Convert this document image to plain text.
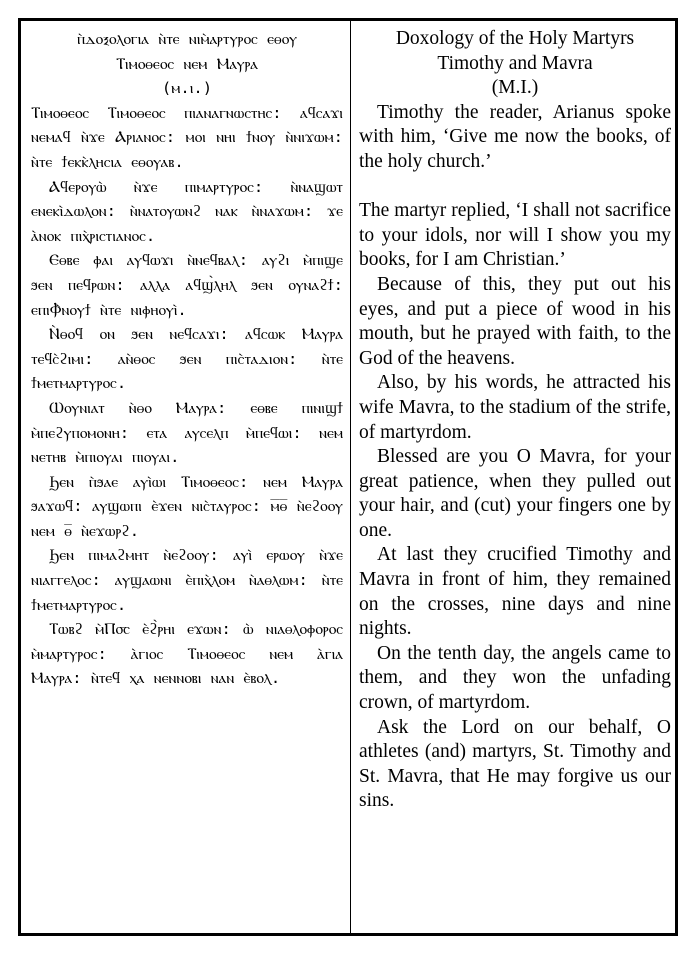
ⲡ̀ⲇⲟⲝⲟⲗⲟⲅⲓⲁ ⲛ̀ⲧⲉ ⲛⲓⲙ̀ⲁⲣⲧⲩⲣⲟⲥ ⲉⲑⲟⲩ
Ⲧⲓⲙⲟⲑⲉⲟⲥ ⲛⲉⲙ Ⲙⲁⲩⲣⲁ
(ⲙ.ⲓ.)
Ⲧⲓⲙⲟⲑⲉⲟⲥ Ⲧⲓⲙⲟⲑⲉⲟⲥ ⲡⲓⲁⲛⲁⲅⲛⲱⲥⲧⲏⲥ: ⲁϥⲥⲁϫⲓ ⲛⲉⲙⲁϥ ⲛ̀ϫⲉ Ⲁⲣⲓⲁⲛⲟⲥ: ⲙⲟⲓ ⲛⲏⲓ ϯⲛⲟⲩ ⲛ̀ⲛⲓϫⲱⲙ: ⲛ̀ⲧⲉ ϯⲉⲕⲕ̀ⲗⲏⲥⲓⲁ ⲉⲑⲟⲩⲁⲃ.
Ⲁϥⲉⲣⲟⲩⲱ̀ ⲛ̀ϫⲉ ⲡⲓⲙⲁⲣⲧⲩⲣⲟⲥ: ⲛ̀ⲛⲁϣⲱⲧ ⲉⲛⲉⲕⲓ̀ⲇⲱⲗⲟⲛ: ⲛ̀ⲛⲁⲧⲟⲩⲱⲛϩ ⲛⲁⲕ ⲛ̀ⲛⲁϫⲱⲙ: ϫⲉ ⲁ̀ⲛⲟⲕ ⲡⲓⲭ̀ⲣⲓⲥⲧⲓⲁⲛⲟⲥ.
Ⲉⲑⲃⲉ ⲫⲁⲓ ⲁⲩϥⲱϫⲓ ⲛ̀ⲛⲉϥⲃⲁⲗ: ⲁⲩϩⲓ ⲙ̀ⲡⲓϣⲉ ϧⲉⲛ ⲡⲉϥⲣⲱⲛ: ⲁⲗⲗⲁ ⲁϥϣ̀ⲗⲏⲗ ϧⲉⲛ ⲟⲩⲛⲁϩϯ: ⲉⲡⲓⲪ̀ⲛⲟⲩϯ ⲛ̀ⲧⲉ ⲛⲓⲫⲏⲟⲩⲓ̀.
Ⲛ̀ⲑⲟϥ ⲟⲛ ϧⲉⲛ ⲛⲉϥⲥⲁϫⲓ: ⲁϥⲥⲱⲕ Ⲙⲁⲩⲣⲁ ⲧⲉϥⲥ̀ϩⲓⲙⲓ: ⲁⲛ̀ⲑⲟⲥ ϧⲉⲛ ⲡⲓⲥ̀ⲧⲁⲇⲓⲟⲛ: ⲛ̀ⲧⲉ ϯⲙⲉⲧⲙⲁⲣⲧⲩⲣⲟⲥ.
Ⲱⲟⲩⲛⲓⲁⲧ ⲛ̀ⲑⲟ Ⲙⲁⲩⲣⲁ: ⲉⲑⲃⲉ ⲡⲓⲛⲓϣϯ ⲙ̀ⲡⲉϩⲩⲡⲟⲙⲟⲛⲏ: ⲉⲧⲁ ⲁⲩⲥⲉⲗⲡ ⲙ̀ⲡⲉϥⲱⲓ: ⲛⲉⲙ ⲛⲉⲧⲏⲃ ⲙ̀ⲡⲓⲟⲩⲁⲓ ⲡⲓⲟⲩⲁⲓ.
Ϧⲉⲛ ⲡ̀ϧⲁⲉ ⲁⲩⲓ̀ⲱⲓ Ⲧⲓⲙⲟⲑⲉⲟⲥ: ⲛⲉⲙ Ⲙⲁⲩⲣⲁ ϧⲁϫⲱϥ: ⲁⲩϣⲱⲡⲓ ⲉ̀ϫⲉⲛ ⲛⲓⲥ̀ⲧⲁⲩⲣⲟⲥ: ⲙ̅ⲑ̅ ⲛ̀ⲉϩⲟⲟⲩ ⲛⲉⲙ ⲑ̅ ⲛ̀ⲉϫⲱⲣϩ.
Ϧⲉⲛ ⲡⲓⲙⲁϩⲙⲏⲧ ⲛ̀ⲉϩⲟⲟⲩ: ⲁⲩⲓ̀ ⲉⲣⲱⲟⲩ ⲛ̀ϫⲉ ⲛⲓⲁⲅⲅⲉⲗⲟⲥ: ⲁⲩϣⲁⲱⲛⲓ ⲉ̀ⲡⲓⲭ̀ⲗⲟⲙ ⲛ̀ⲁⲑⲗⲱⲙ: ⲛ̀ⲧⲉ ϯⲙⲉⲧⲙⲁⲣⲧⲩⲣⲟⲥ.
Ⲧⲱⲃϩ ⲙ̀Ⲡ⳪ ⲉ̀ϩ̀ⲣⲏⲓ ⲉϫⲱⲛ: ⲱ̀ ⲛⲓⲁⲑⲗⲟⲫⲟⲣⲟⲥ ⲙ̀ⲙⲁⲣⲧⲩⲣⲟⲥ: ⲁ̀ⲅⲓⲟⲥ Ⲧⲓⲙⲟⲑⲉⲟⲥ ⲛⲉⲙ ⲁ̀ⲅⲓⲁ Ⲙⲁⲩⲣⲁ: ⲛ̀ⲧⲉϥ ⲭⲁ ⲛⲉⲛⲛⲟⲃⲓ ⲛⲁⲛ ⲉ̀ⲃⲟⲗ.
Doxology of the Holy Martyrs
Timothy and Mavra
(M.I.)
Timothy the reader, Arianus spoke with him, ‘Give me now the books, of the holy church.’
The martyr replied, ‘I shall not sacrifice to your idols, nor will I show you my books, for I am Christian.’
Because of this, they put out his eyes, and put a piece of wood in his mouth, but he prayed with faith, to the God of the heavens.
Also, by his words, he attracted his wife Mavra, to the stadium of the strife, of martyrdom.
Blessed are you O Mavra, for your great patience, when they pulled out your hair, and (cut) your fingers one by one.
At last they crucified Timothy and Mavra in front of him, they remained on the crosses, nine days and nine nights.
On the tenth day, the angels came to them, and they won the unfading crown, of martyrdom.
Ask the Lord on our behalf, O athletes (and) martyrs, St. Timothy and St. Mavra, that He may forgive us our sins.
